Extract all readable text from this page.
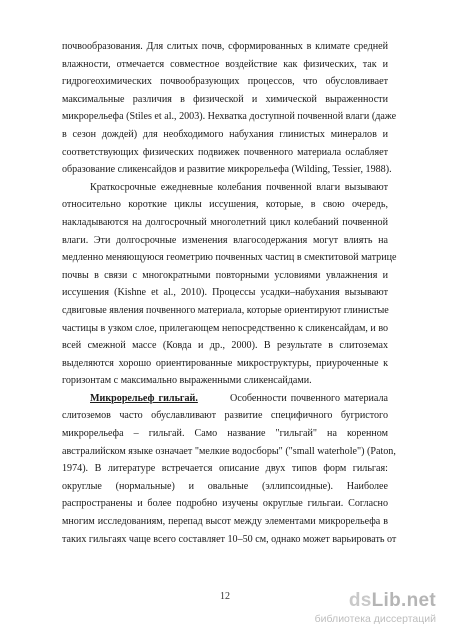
почвообразования. Для слитых почв, сформированных в климате средней
влажности, отмечается совместное воздействие как физических, так и
гидрогеохимических почвообразующих процессов, что обусловливает
максимальные различия в физической и химической выраженности
микрорельефа (Stiles et al., 2003). Нехватка доступной почвенной влаги (даже
в сезон дождей) для необходимого набухания глинистых минералов и
соответствующих физических подвижек почвенного материала ослабляет
образование сликенсайдов и развитие микрорельефа (Wilding, Tessier, 1988).

Краткосрочные ежедневные колебания почвенной влаги вызывают
относительно короткие циклы иссушения, которые, в свою очередь,
накладываются на долгосрочный многолетний цикл колебаний почвенной
влаги. Эти долгосрочные изменения влагосодержания могут влиять на
медленно меняющуюся геометрию почвенных частиц в смектитовой матрице
почвы в связи с многократными повторными условиями увлажнения и
иссушения (Kishne et al., 2010). Процессы усадки–набухания вызывают
сдвиговые явления почвенного материала, которые ориентируют глинистые
частицы в узком слое, прилегающем непосредственно к сликенсайдам, и во
всей смежной массе (Ковда и др., 2000). В результате в слитоземах
выделяются хорошо ориентированные микроструктуры, приуроченные к
горизонтам с максимально выраженными сликенсайдами.

Микрорельеф гильгай.	Особенности почвенного материала
слитоземов часто обуславливают развитие специфичного бугристого
микрорельефа – гильгай. Само название "гильгай" на коренном
австралийском языке означает "мелкие водосборы" ("small waterhole") (Paton,
1974). В литературе встречается описание двух типов форм гильгая:
округлые (нормальные) и овальные (эллипсоидные). Наиболее
распространены и более подробно изучены округлые гильгаи. Согласно
многим исследованиям, перепад высот между элементами микрорельефа в
таких гильгаях чаще всего составляет 10–50 см, однако может варьировать от

12	dsLib.net
библиотека диссертаций
